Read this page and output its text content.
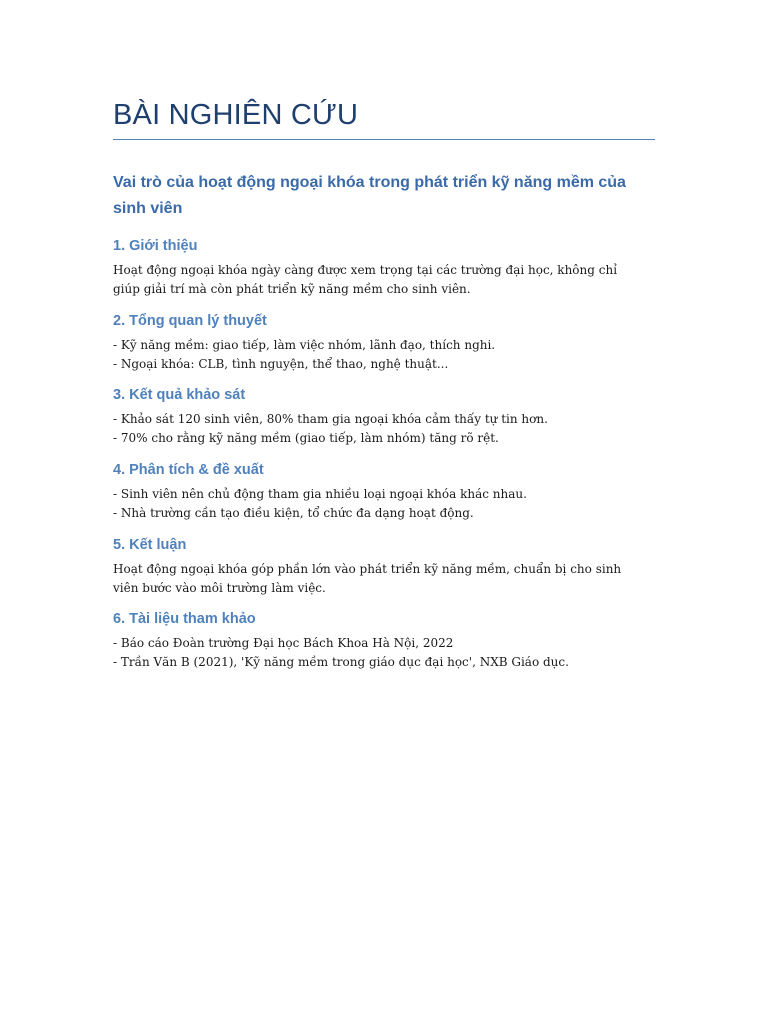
BÀI NGHIÊN CỨU
Vai trò của hoạt động ngoại khóa trong phát triển kỹ năng mềm của sinh viên
1. Giới thiệu
Hoạt động ngoại khóa ngày càng được xem trọng tại các trường đại học, không chỉ giúp giải trí mà còn phát triển kỹ năng mềm cho sinh viên.
2. Tổng quan lý thuyết
- Kỹ năng mềm: giao tiếp, làm việc nhóm, lãnh đạo, thích nghi.
- Ngoại khóa: CLB, tình nguyện, thể thao, nghệ thuật...
3. Kết quả khảo sát
- Khảo sát 120 sinh viên, 80% tham gia ngoại khóa cảm thấy tự tin hơn.
- 70% cho rằng kỹ năng mềm (giao tiếp, làm nhóm) tăng rõ rệt.
4. Phân tích & đề xuất
- Sinh viên nên chủ động tham gia nhiều loại ngoại khóa khác nhau.
- Nhà trường cần tạo điều kiện, tổ chức đa dạng hoạt động.
5. Kết luận
Hoạt động ngoại khóa góp phần lớn vào phát triển kỹ năng mềm, chuẩn bị cho sinh viên bước vào môi trường làm việc.
6. Tài liệu tham khảo
- Báo cáo Đoàn trường Đại học Bách Khoa Hà Nội, 2022
- Trần Văn B (2021), 'Kỹ năng mềm trong giáo dục đại học', NXB Giáo dục.
